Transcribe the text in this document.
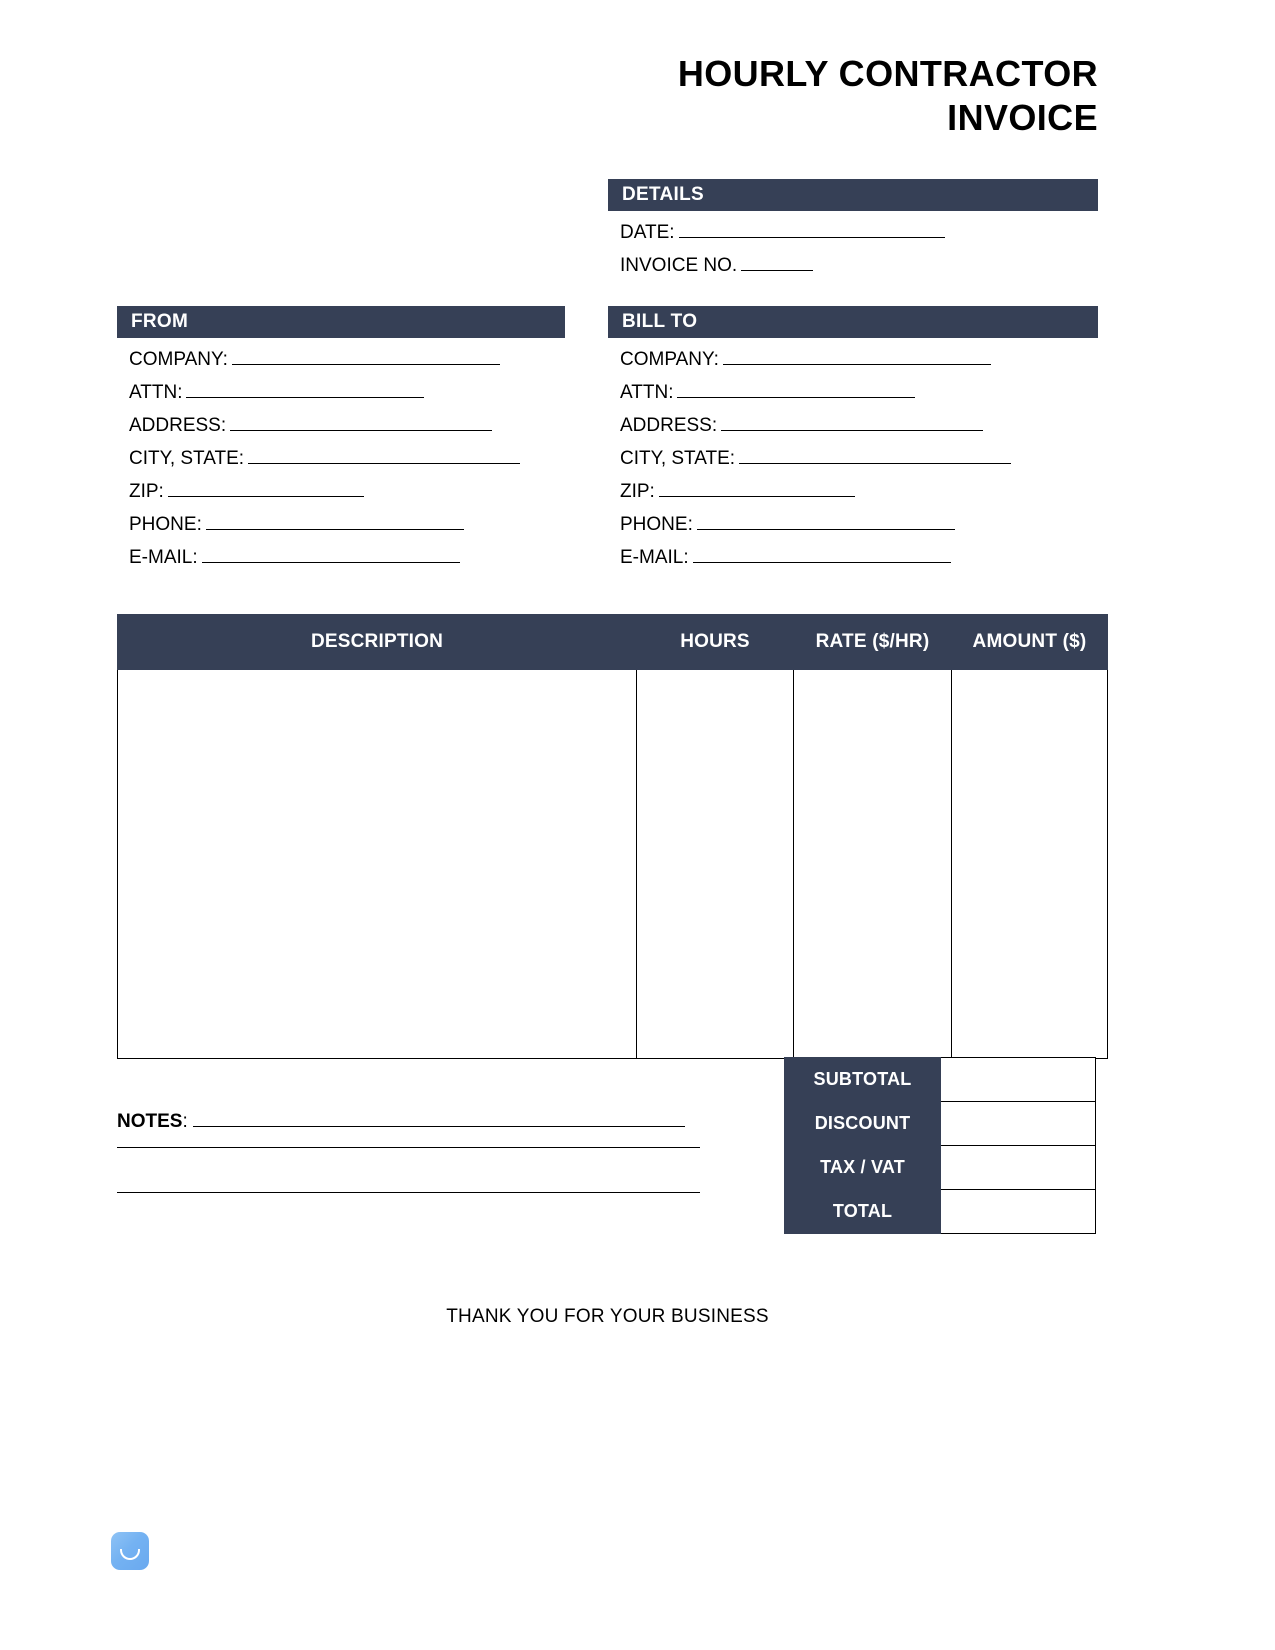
HOURLY CONTRACTOR
INVOICE
DETAILS
DATE:
INVOICE NO.
FROM
COMPANY:
ATTN:
ADDRESS:
CITY, STATE:
ZIP:
PHONE:
E-MAIL:
BILL TO
COMPANY:
ATTN:
ADDRESS:
CITY, STATE:
ZIP:
PHONE:
E-MAIL:
DESCRIPTION	HOURS	RATE ($/HR)	AMOUNT ($)

SUBTOTAL	
DISCOUNT	
TAX / VAT	
TOTAL	
NOTES:
THANK YOU FOR YOUR BUSINESS
